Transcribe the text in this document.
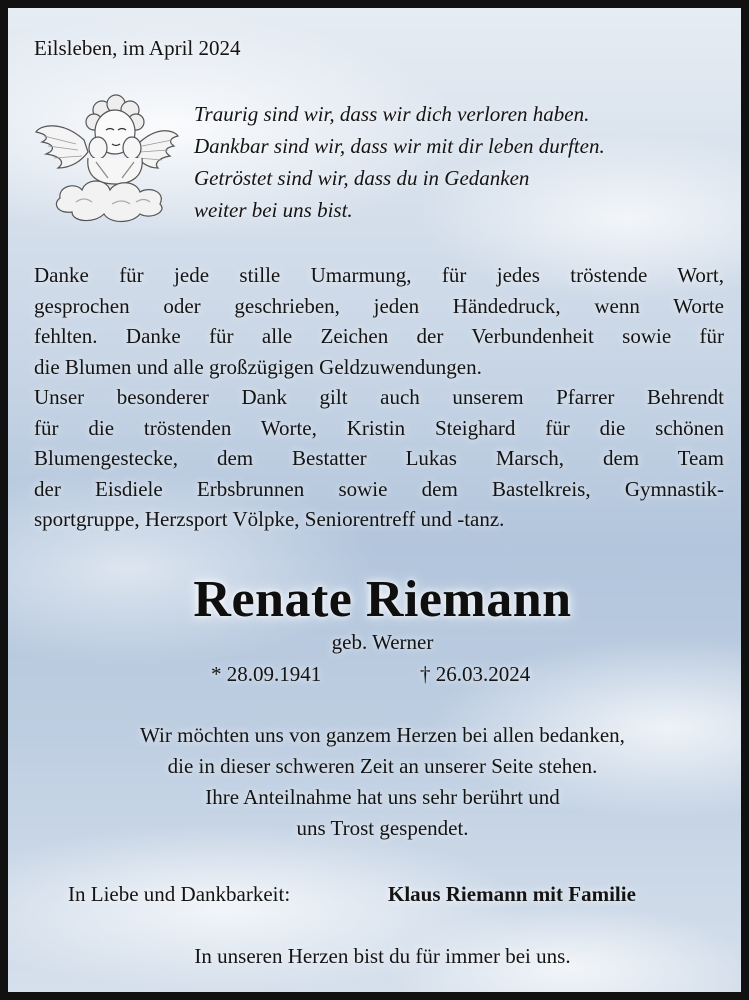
Eilsleben, im April 2024
Traurig sind wir, dass wir dich verloren haben.
Dankbar sind wir, dass wir mit dir leben durften.
Getröstet sind wir, dass du in Gedanken
weiter bei uns bist.
Danke für jede stille Umarmung, für jedes tröstende Wort,
gesprochen oder geschrieben, jeden Händedruck, wenn Worte
fehlten. Danke für alle Zeichen der Verbundenheit sowie für
die Blumen und alle großzügigen Geldzuwendungen.
Unser besonderer Dank gilt auch unserem Pfarrer Behrendt
für die tröstenden Worte, Kristin Steighard für die schönen
Blumengestecke, dem Bestatter Lukas Marsch, dem Team
der Eisdiele Erbsbrunnen sowie dem Bastelkreis, Gymnastik-
sportgruppe, Herzsport Völpke, Seniorentreff und -tanz.
Renate Riemann
geb. Werner
* 28.09.1941	† 26.03.2024
Wir möchten uns von ganzem Herzen bei allen bedanken,
die in dieser schweren Zeit an unserer Seite stehen.
Ihre Anteilnahme hat uns sehr berührt und
uns Trost gespendet.
In Liebe und Dankbarkeit:	Klaus Riemann mit Familie
In unseren Herzen bist du für immer bei uns.
